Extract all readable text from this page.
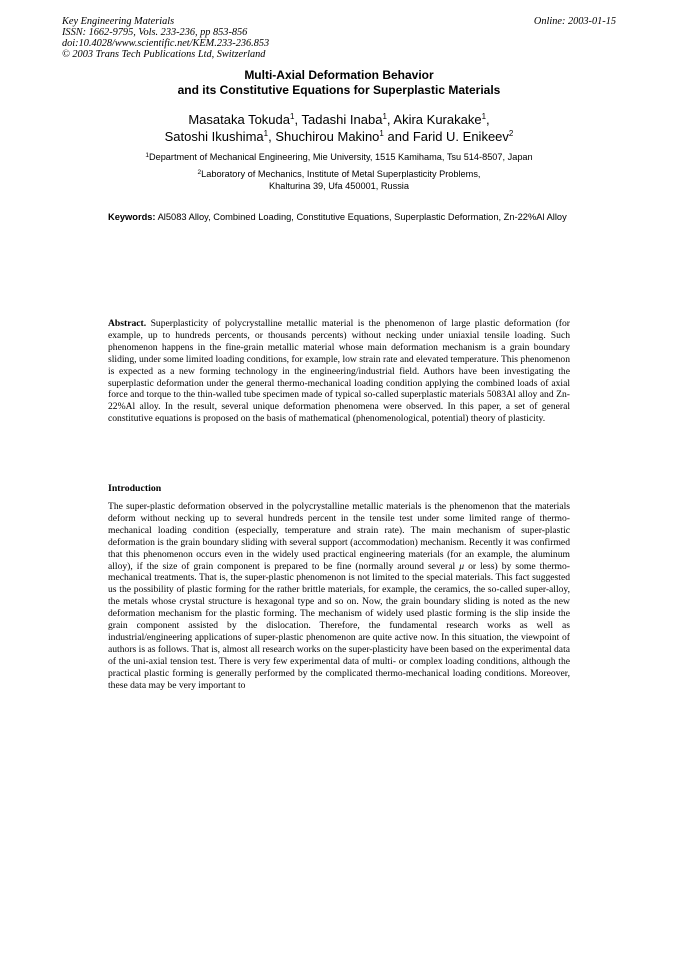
Key Engineering Materials
ISSN: 1662-9795, Vols. 233-236, pp 853-856
doi:10.4028/www.scientific.net/KEM.233-236.853
© 2003 Trans Tech Publications Ltd, Switzerland
Online: 2003-01-15
Multi-Axial Deformation Behavior
and its Constitutive Equations for Superplastic Materials
Masataka Tokuda$^1$, Tadashi Inaba$^1$, Akira Kurakake$^1$,
Satoshi Ikushima$^1$, Shuchirou Makino$^1$ and Farid U. Enikeev$^2$
$^1$Department of Mechanical Engineering, Mie University, 1515 Kamihama, Tsu 514-8507, Japan
$^2$Laboratory of Mechanics, Institute of Metal Superplasticity Problems,
Khalturina 39, Ufa 450001, Russia
Keywords: Al5083 Alloy, Combined Loading, Constitutive Equations, Superplastic Deformation, Zn-22%Al Alloy
Abstract. Superplasticity of polycrystalline metallic material is the phenomenon of large plastic deformation (for example, up to hundreds percents, or thousands percents) without necking under uniaxial tensile loading. Such phenomenon happens in the fine-grain metallic material whose main deformation mechanism is a grain boundary sliding, under some limited loading conditions, for example, low strain rate and elevated temperature. This phenomenon is expected as a new forming technology in the engineering/industrial field. Authors have been investigating the superplastic deformation under the general thermo-mechanical loading condition applying the combined loads of axial force and torque to the thin-walled tube specimen made of typical so-called superplastic materials 5083Al alloy and Zn-22%Al alloy. In the result, several unique deformation phenomena were observed. In this paper, a set of general constitutive equations is proposed on the basis of mathematical (phenomenological, potential) theory of plasticity.
Introduction
The super-plastic deformation observed in the polycrystalline metallic materials is the phenomenon that the materials deform without necking up to several hundreds percent in the tensile test under some limited range of thermo-mechanical loading condition (especially, temperature and strain rate). The main mechanism of super-plastic deformation is the grain boundary sliding with several support (accommodation) mechanism. Recently it was confirmed that this phenomenon occurs even in the widely used practical engineering materials (for an example, the aluminum alloy), if the size of grain component is prepared to be fine (normally around several μ or less) by some thermo-mechanical treatments. That is, the super-plastic phenomenon is not limited to the special materials. This fact suggested us the possibility of plastic forming for the rather brittle materials, for example, the ceramics, the so-called super-alloy, the metals whose crystal structure is hexagonal type and so on. Now, the grain boundary sliding is noted as the new deformation mechanism for the plastic forming. The mechanism of widely used plastic forming is the slip inside the grain component assisted by the dislocation. Therefore, the fundamental research works as well as industrial/engineering applications of super-plastic phenomenon are quite active now. In this situation, the viewpoint of authors is as follows. That is, almost all research works on the super-plasticity have been based on the experimental data of the uni-axial tension test. There is very few experimental data of multi- or complex loading conditions, although the practical plastic forming is generally performed by the complicated thermo-mechanical loading conditions. Moreover, these data may be very important to
